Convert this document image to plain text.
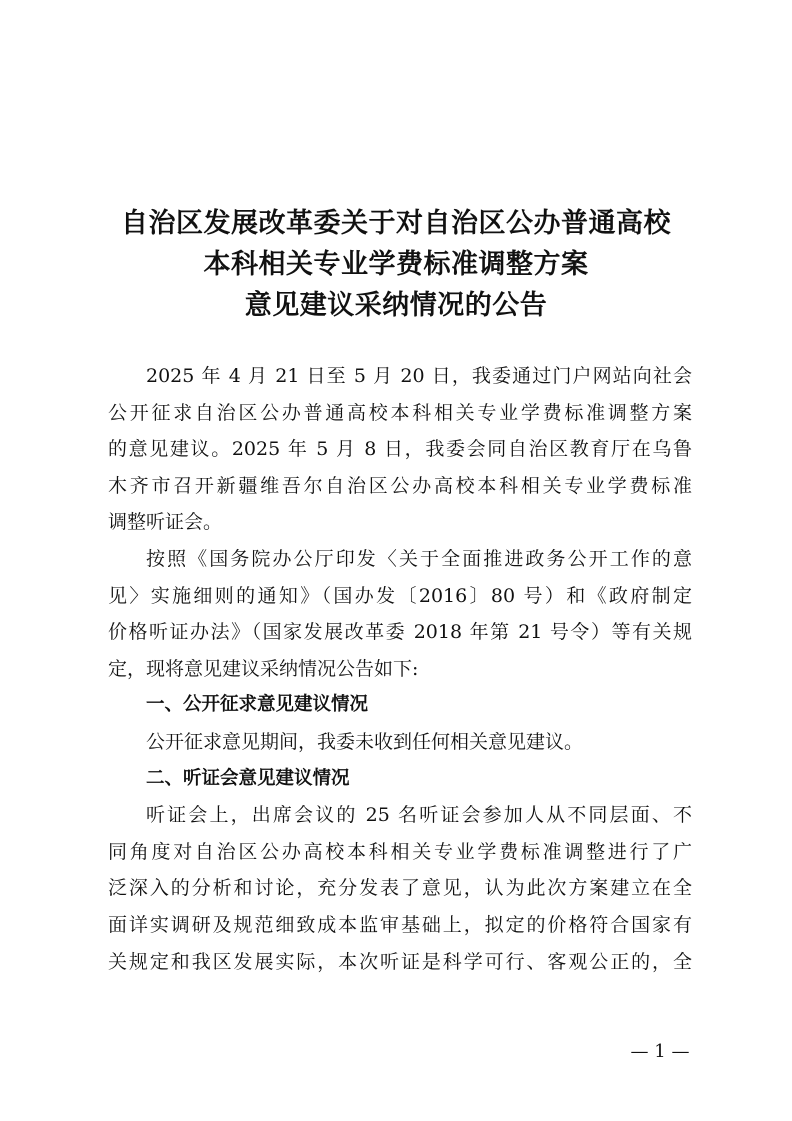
自治区发展改革委关于对自治区公办普通高校
本科相关专业学费标准调整方案
意见建议采纳情况的公告
2025 年 4 月 21 日至 5 月 20 日，我委通过门户网站向社会
公开征求自治区公办普通高校本科相关专业学费标准调整方案
的意见建议。2025 年 5 月 8 日，我委会同自治区教育厅在乌鲁
木齐市召开新疆维吾尔自治区公办高校本科相关专业学费标准
调整听证会。
按照《国务院办公厅印发〈关于全面推进政务公开工作的意
见〉实施细则的通知》（国办发〔2016〕80 号）和《政府制定
价格听证办法》（国家发展改革委 2018 年第 21 号令）等有关规
定，现将意见建议采纳情况公告如下:
一、公开征求意见建议情况
公开征求意见期间，我委未收到任何相关意见建议。
二、听证会意见建议情况
听证会上，出席会议的 25 名听证会参加人从不同层面、不
同角度对自治区公办高校本科相关专业学费标准调整进行了广
泛深入的分析和讨论，充分发表了意见，认为此次方案建立在全
面详实调研及规范细致成本监审基础上，拟定的价格符合国家有
关规定和我区发展实际，本次听证是科学可行、客观公正的，全
— 1 —
